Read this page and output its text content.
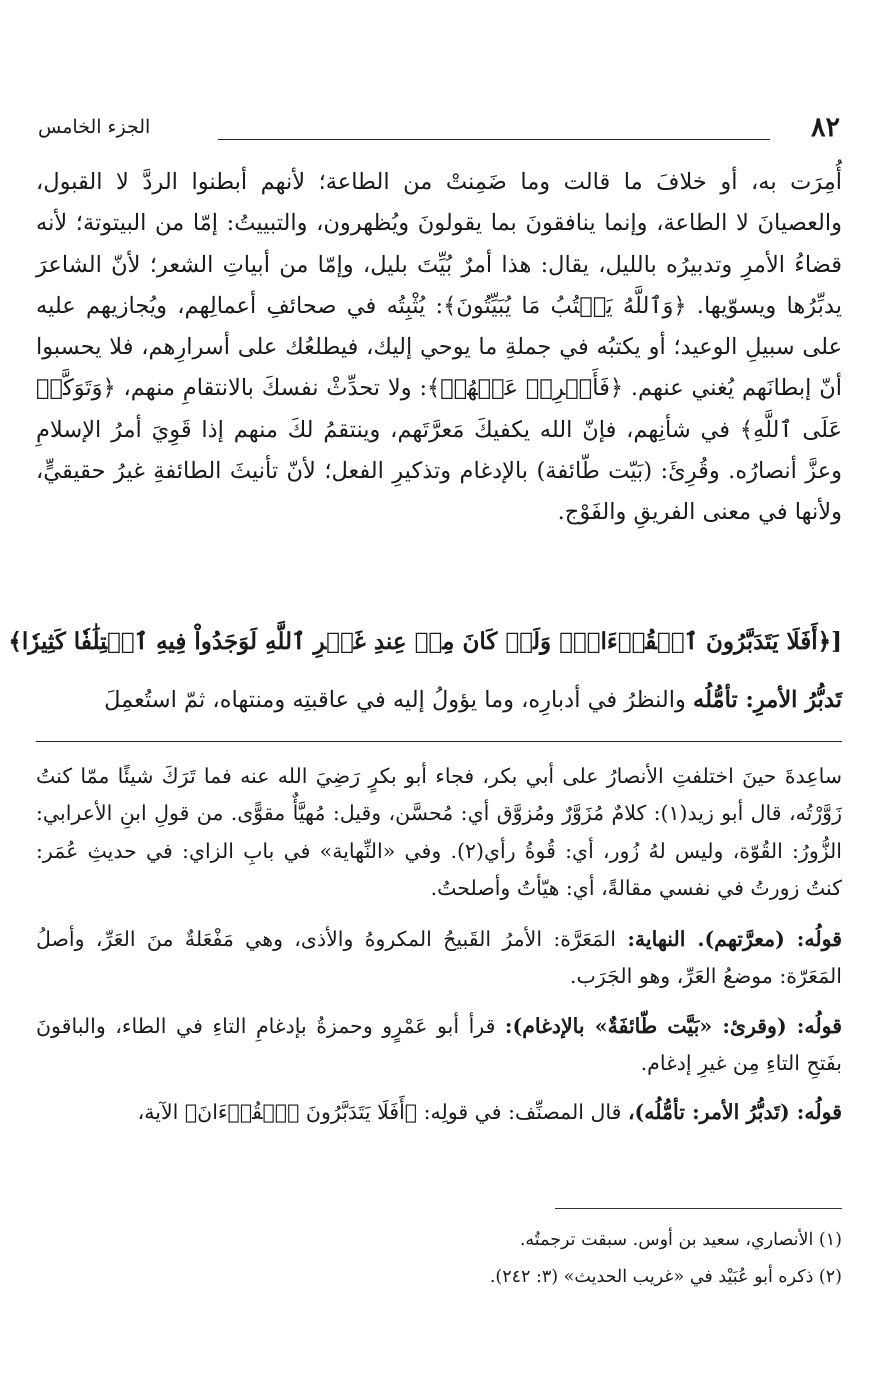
٨٢
الجزء الخامس

أُمِرَت به، أو خلافَ ما قالت وما ضَمِنتْ من الطاعة؛ لأنهم أبطنوا الردَّ لا القبول، والعصيانَ لا الطاعة، وإنما ينافقونَ بما يقولونَ ويُظهرون، والتبييتُ: إمّا من البيتوتة؛ لأنه قضاءُ الأمرِ وتدبيرُه بالليل، يقال: هذا أمرٌ بُيِّتَ بليل، وإمّا من أبياتِ الشعر؛ لأنّ الشاعرَ يدبِّرُها ويسوّيها. ﴿وَٱللَّهُ يَكۡتُبُ مَا يُبَيِّتُونَ﴾: يُثْبِتُه في صحائفِ أعمالِهم، ويُجازيهم عليه على سبيلِ الوعيد؛ أو يكتبُه في جملةِ ما يوحي إليك، فيطلعُك على أسرارِهم، فلا يحسبوا أنّ إبطانَهم يُغني عنهم. ﴿فَأَعۡرِضۡ عَنۡهُمۡ﴾: ولا تحدِّثْ نفسكَ بالانتقامِ منهم، ﴿وَتَوَكَّلۡ عَلَى ٱللَّهِ﴾ في شأنِهم، فإنّ الله يكفيكَ مَعرَّتَهم، وينتقمُ لكَ منهم إذا قَوِيَ أمرُ الإسلامِ وعزَّ أنصارُه. وقُرِئَ: (بَيّت طّائفة) بالإدغام وتذكيرِ الفعل؛ لأنّ تأنيثَ الطائفةِ غيرُ حقيقيٍّ، ولأنها في معنى الفريقِ والفَوْج.

[﴿أَفَلَا يَتَدَبَّرُونَ ٱلۡقُرۡءَانَۚ وَلَوۡ كَانَ مِنۡ عِندِ غَيۡرِ ٱللَّهِ لَوَجَدُواْ فِيهِ ٱخۡتِلَٰفٗا كَثِيرٗا﴾

تَدبُّرُ الأمرِ: تأمُّلُه والنظرُ في أدبارِه، وما يؤولُ إليه في عاقبتِه ومنتهاه، ثمّ استُعمِلَ

ساعِدةَ حينَ اختلفتِ الأنصارُ على أبي بكر، فجاء أبو بكرٍ رَضِيَ الله عنه فما تَرَكَ شيئًا ممّا كنتُ زَوَّرْتُه، قال أبو زيد(١): كلامٌ مُزَوَّرٌ ومُزوَّق أي: مُحسَّن، وقيل: مُهيَّأٌ مقوًّى. من قولِ ابنِ الأعرابي: الزُّورُ: القُوّة، وليس لهُ زُور، أي: قُوةُ رأي(٢). وفي «النِّهاية» في بابِ الزاي: في حديثِ عُمَر: كنتُ زورتُ في نفسي مقالةً، أي: هيّأتُ وأصلحتُ.

قولُه: (معرَّتهم). النهاية: المَعَرَّة: الأمرُ القَبيحُ المكروهُ والأذى، وهي مَفْعَلةٌ منَ العَرِّ، وأصلُ المَعَرّة: موضعُ العَرِّ، وهو الجَرَب.

قولُه: (وقرئ: «بَيَّت طّائفَةٌ» بالإدغام): قرأ أبو عَمْرٍو وحمزةُ بإدغامِ التاءِ في الطاء، والباقونَ بفَتحِ التاءِ مِن غيرِ إدغام.

قولُه: (تَدبُّرُ الأمر: تأمُّلُه)، قال المصنِّف: في قولِه: ﴿أَفَلَا يَتَدَبَّرُونَ ٱلۡقُرۡءَانَ﴾ الآية،

(١) الأنصاري، سعيد بن أوس. سبقت ترجمتُه.

(٢) ذكره أبو عُبَيْد في «غريب الحديث» (٣: ٢٤٢).
